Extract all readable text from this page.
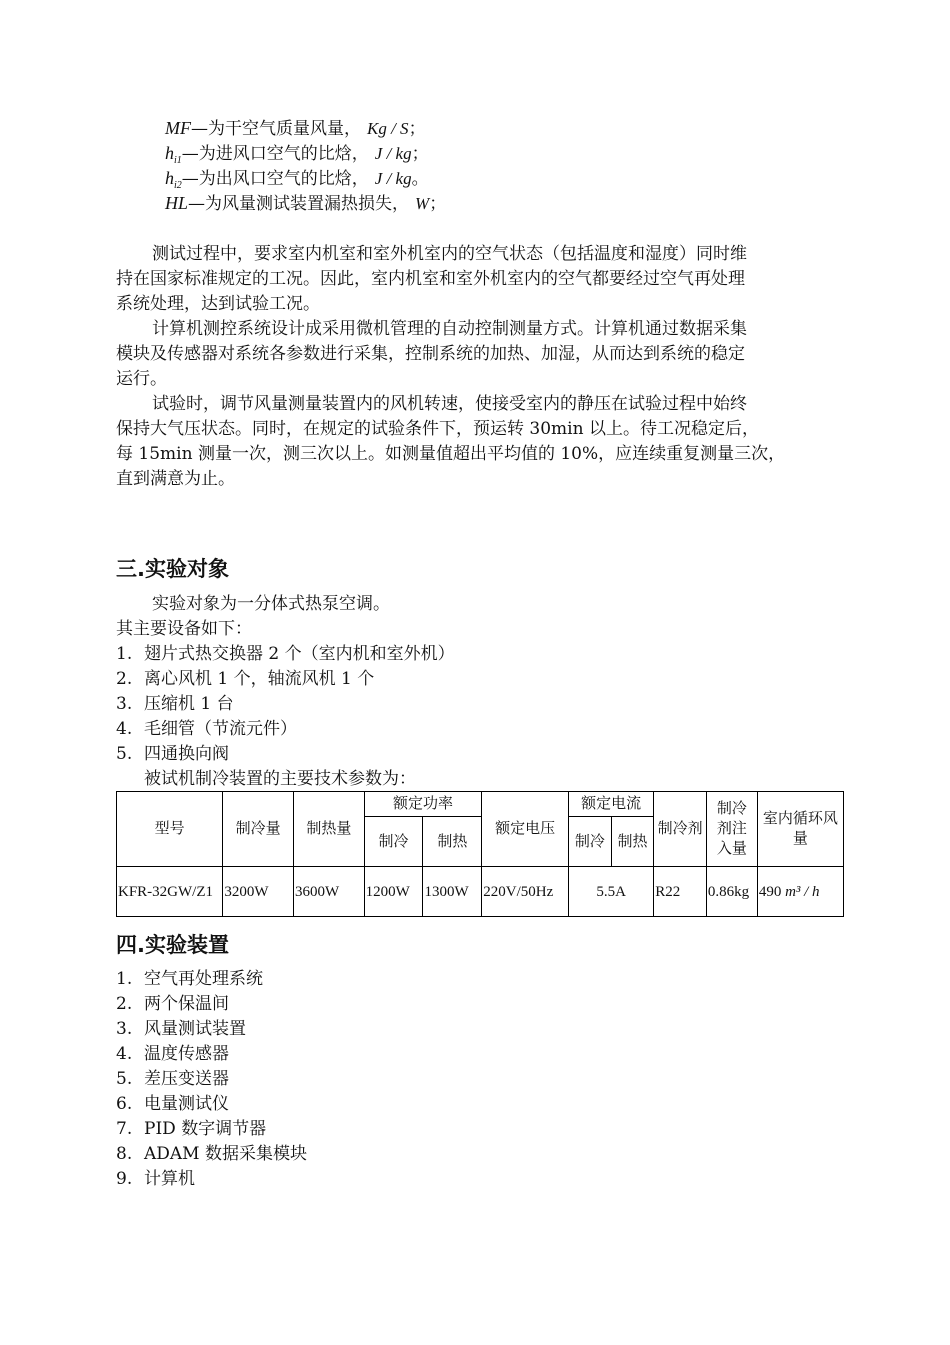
MF—为干空气质量风量， Kg / S；
$h_{i1}—$为进风口空气的比焓， J / kg；
$h_{i2}—$为出风口空气的比焓， J / kg。
HL—为风量测试装置漏热损失， W；
测试过程中，要求室内机室和室外机室内的空气状态（包括温度和湿度）同时维
持在国家标准规定的工况。因此，室内机室和室外机室内的空气都要经过空气再处理
系统处理，达到试验工况。
计算机测控系统设计成采用微机管理的自动控制测量方式。计算机通过数据采集
模块及传感器对系统各参数进行采集，控制系统的加热、加湿，从而达到系统的稳定
运行。
试验时，调节风量测量装置内的风机转速，使接受室内的静压在试验过程中始终
保持大气压状态。同时，在规定的试验条件下，预运转 30min 以上。待工况稳定后，
每 15min 测量一次，测三次以上。如测量值超出平均值的 10%，应连续重复测量三次，
直到满意为止。
三.实验对象
实验对象为一分体式热泵空调。
其主要设备如下：
1. 翅片式热交换器 2 个（室内机和室外机）
2. 离心风机 1 个，轴流风机 1 个
3. 压缩机 1 台
4. 毛细管（节流元件）
5. 四通换向阀
被试机制冷装置的主要技术参数为：
型号	制冷量	制热量	额定功率		额定电压	额定电流		制冷剂	制冷剂注入量	室内循环风量
			制冷	制热		制冷	制热			
KFR-32GW/Z1	3200W	3600W	1200W	1300W	220V/50Hz	5.5A		R22	0.86kg	490 m³ / h
四.实验装置
1. 空气再处理系统
2. 两个保温间
3. 风量测试装置
4. 温度传感器
5. 差压变送器
6. 电量测试仪
7. PID 数字调节器
8. ADAM 数据采集模块
9. 计算机
